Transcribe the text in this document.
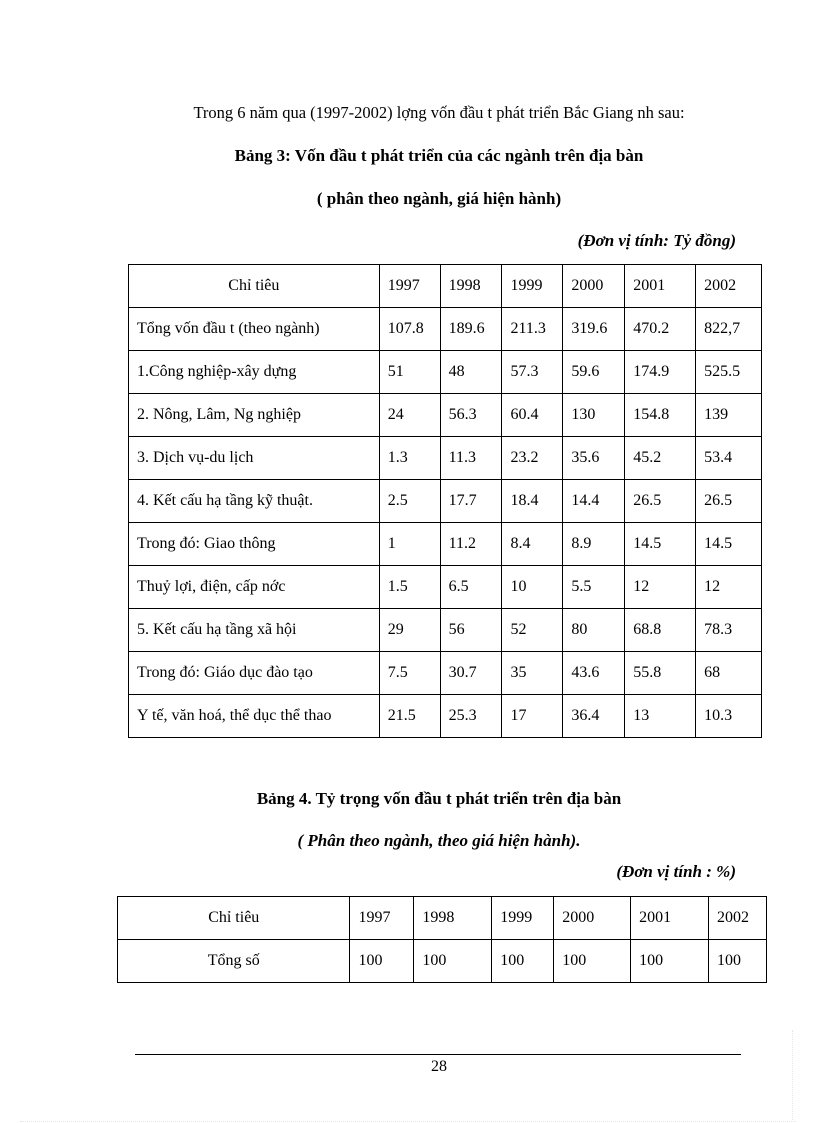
Trong 6 năm qua (1997-2002) lợng vốn đầu t phát triển Bắc Giang nh sau:
Bảng 3: Vốn đầu t phát triển của các ngành trên địa bàn
( phân theo ngành, giá hiện hành)
(Đơn vị tính: Tỷ đồng)
Chỉ tiêu	1997	1998	1999	2000	2001	2002
Tổng vốn đầu t (theo ngành)	107.8	189.6	211.3	319.6	470.2	822,7
1.Công nghiệp-xây dựng	51	48	57.3	59.6	174.9	525.5
2. Nông, Lâm, Ng nghiệp	24	56.3	60.4	130	154.8	139
3. Dịch vụ-du lịch	1.3	11.3	23.2	35.6	45.2	53.4
4. Kết cấu hạ tầng kỹ thuật.	2.5	17.7	18.4	14.4	26.5	26.5
Trong đó: Giao thông	1	11.2	8.4	8.9	14.5	14.5
Thuỷ lợi, điện, cấp nớc	1.5	6.5	10	5.5	12	12
5. Kết cấu hạ tầng xã hội	29	56	52	80	68.8	78.3
Trong đó: Giáo dục đào tạo	7.5	30.7	35	43.6	55.8	68
Y tế, văn hoá, thể dục thể thao	21.5	25.3	17	36.4	13	10.3
Bảng 4. Tỷ trọng vốn đầu t phát triển trên địa bàn
( Phân theo ngành, theo giá hiện hành).
(Đơn vị tính : %)
Chỉ tiêu	1997	1998	1999	2000	2001	2002
Tổng số	100	100	100	100	100	100
28
